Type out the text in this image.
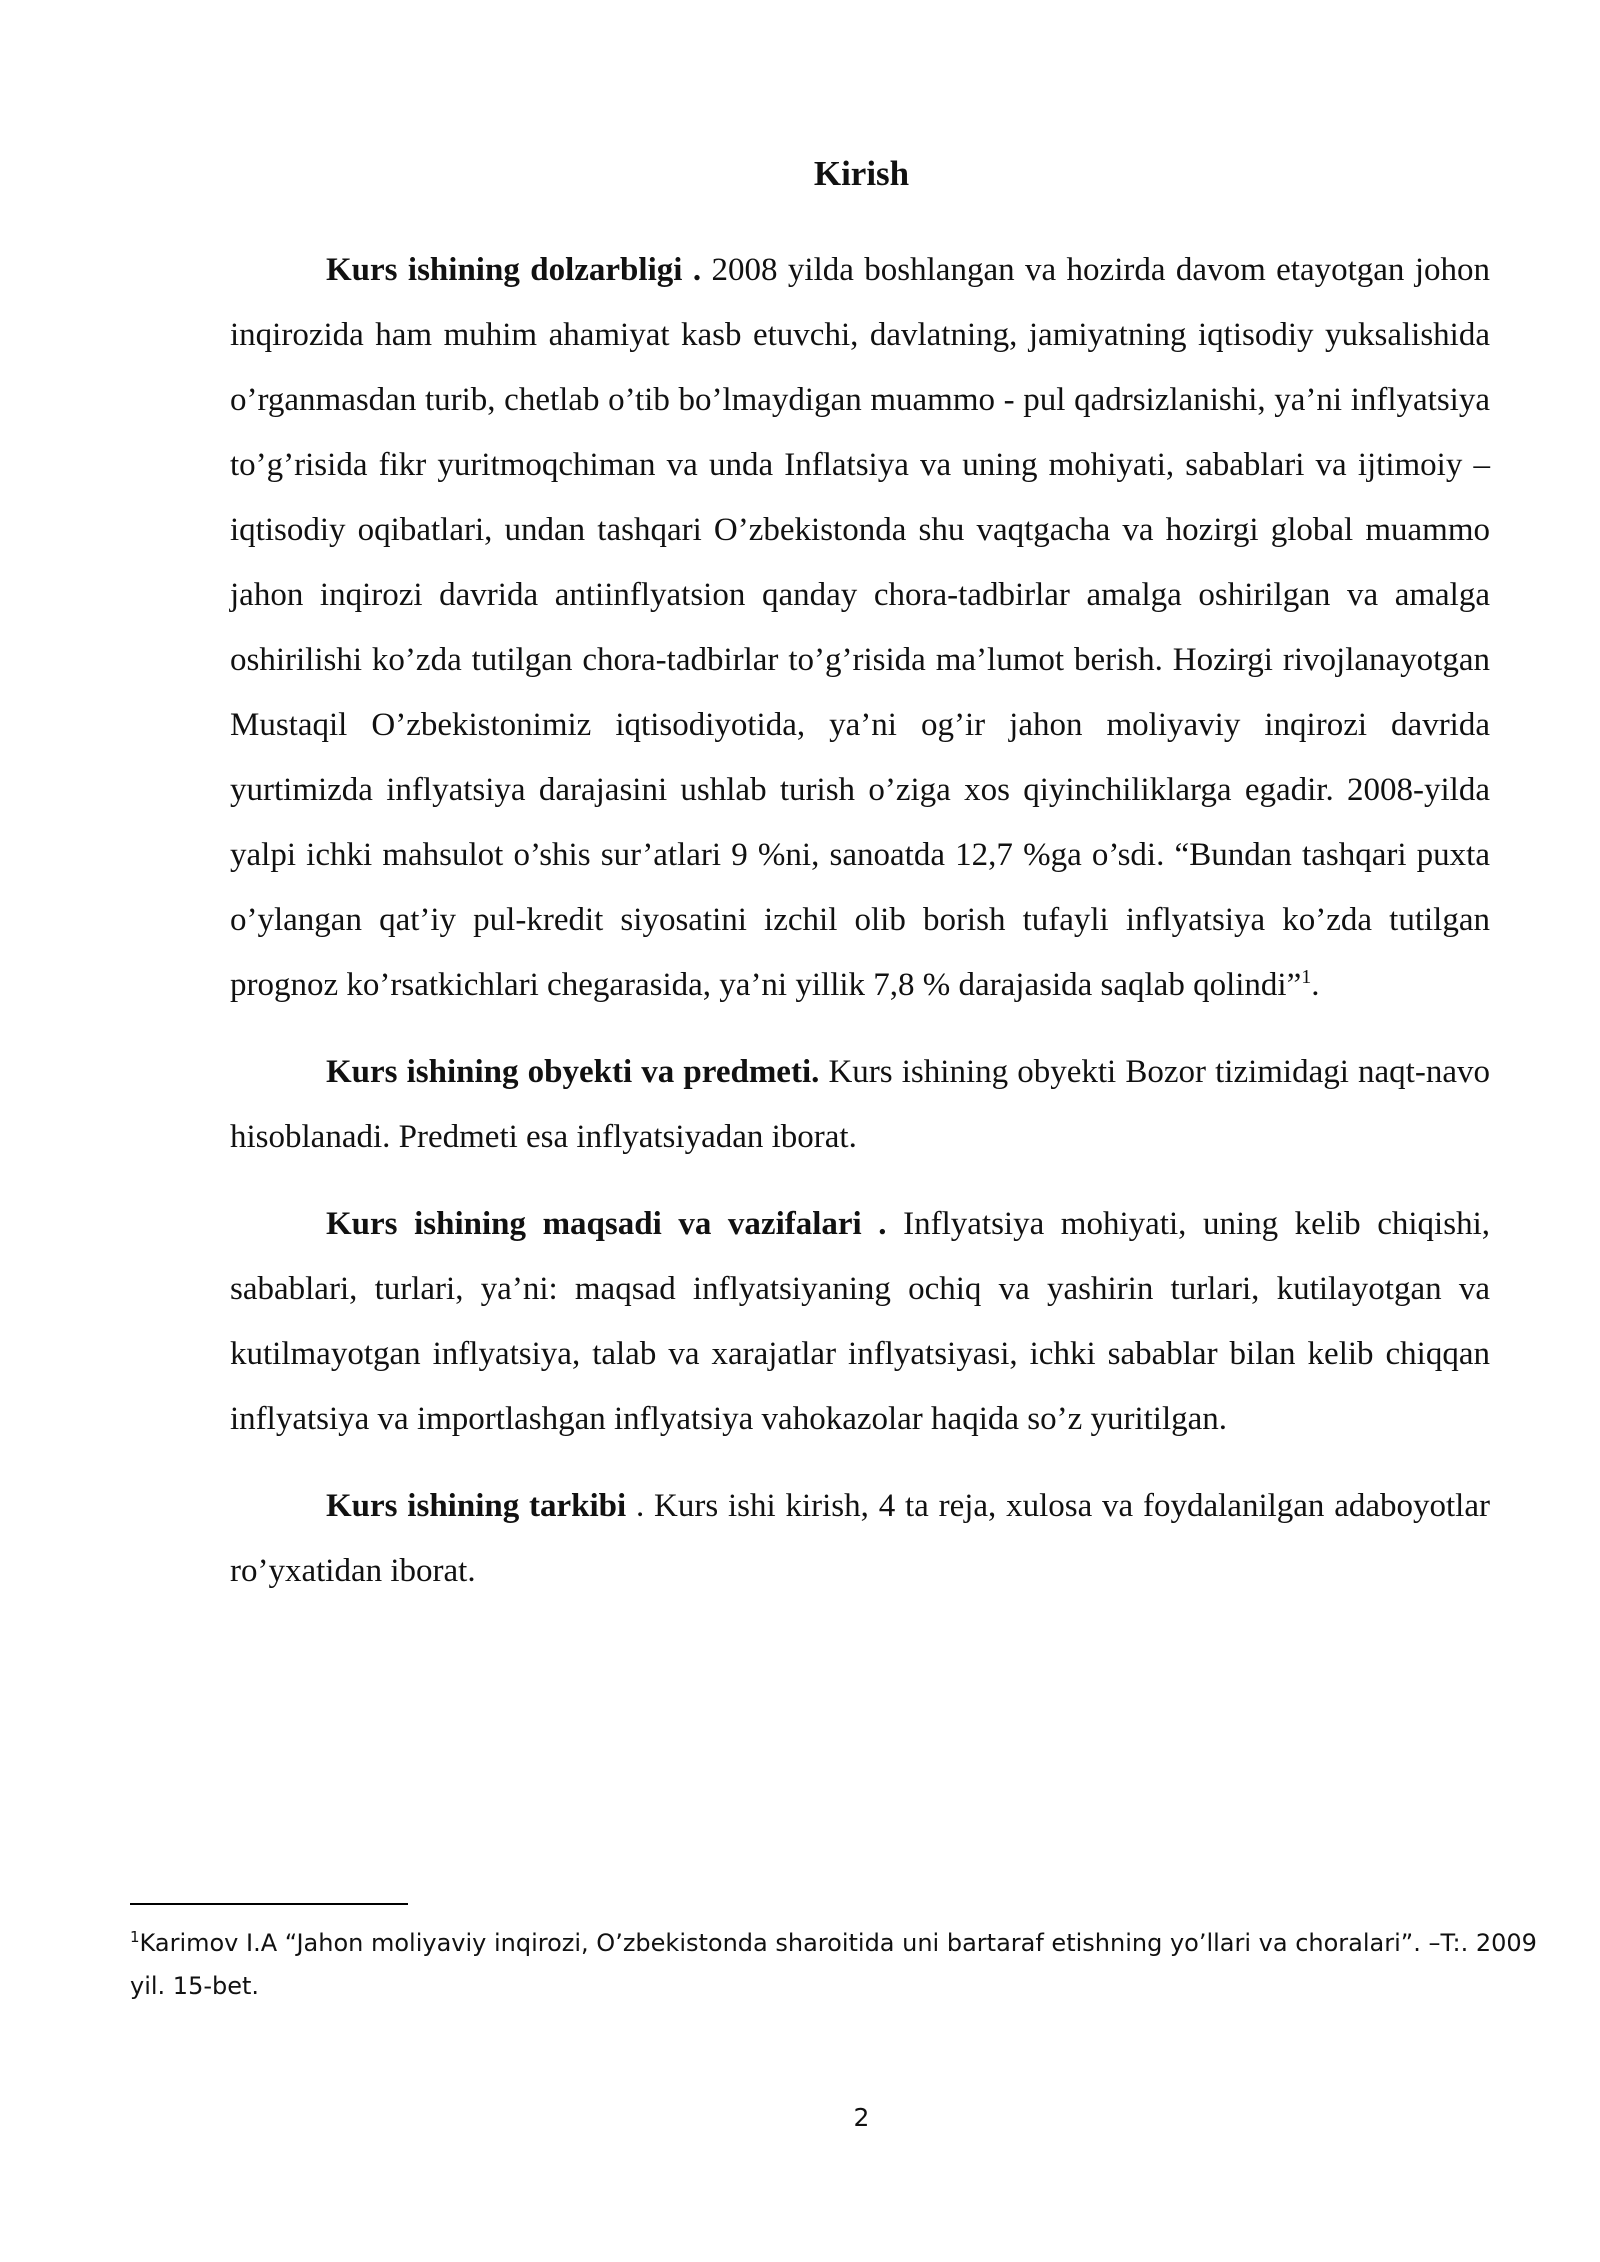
Kirish

Kurs ishining dolzarbligi . 2008 yilda boshlangan va hozirda davom etayotgan johon inqirozida ham muhim ahamiyat kasb etuvchi, davlatning, jamiyatning iqtisodiy yuksalishida o’rganmasdan turib, chetlab o’tib bo’lmaydigan muammo - pul qadrsizlanishi, ya’ni inflyatsiya to’g’risida fikr yuritmoqchiman va unda Inflatsiya va uning mohiyati, sabablari va ijtimoiy – iqtisodiy oqibatlari, undan tashqari O’zbekistonda shu vaqtgacha va hozirgi global muammo jahon inqirozi davrida antiinflyatsion qanday chora-tadbirlar amalga oshirilgan va amalga oshirilishi ko’zda tutilgan chora-tadbirlar to’g’risida ma’lumot berish. Hozirgi rivojlanayotgan Mustaqil O’zbekistonimiz iqtisodiyotida, ya’ni og’ir jahon moliyaviy inqirozi davrida yurtimizda inflyatsiya darajasini ushlab turish o’ziga xos qiyinchiliklarga egadir. 2008-yilda yalpi ichki mahsulot o’shis sur’atlari 9 %ni, sanoatda 12,7 %ga o’sdi. “Bundan tashqari puxta o’ylangan qat’iy pul-kredit siyosatini izchil olib borish tufayli inflyatsiya ko’zda tutilgan prognoz ko’rsatkichlari chegarasida, ya’ni yillik 7,8 % darajasida saqlab qolindi”$^1$.

Kurs ishining obyekti va predmeti. Kurs ishining obyekti Bozor tizimidagi naqt-navo hisoblanadi. Predmeti esa inflyatsiyadan iborat.

Kurs ishining maqsadi va vazifalari . Inflyatsiya mohiyati, uning kelib chiqishi, sabablari, turlari, ya’ni: maqsad inflyatsiyaning ochiq va yashirin turlari, kutilayotgan va kutilmayotgan inflyatsiya, talab va xarajatlar inflyatsiyasi, ichki sabablar bilan kelib chiqqan inflyatsiya va importlashgan inflyatsiya vahokazolar haqida so’z yuritilgan.

Kurs ishining tarkibi . Kurs ishi kirish, 4 ta reja, xulosa va foydalanilgan adaboyotlar ro’yxatidan iborat.

$^1$Karimov I.A “Jahon moliyaviy inqirozi, O’zbekistonda sharoitida uni bartaraf etishning yo’llari va choralari”. –T:. 2009 yil. 15-bet.

2
